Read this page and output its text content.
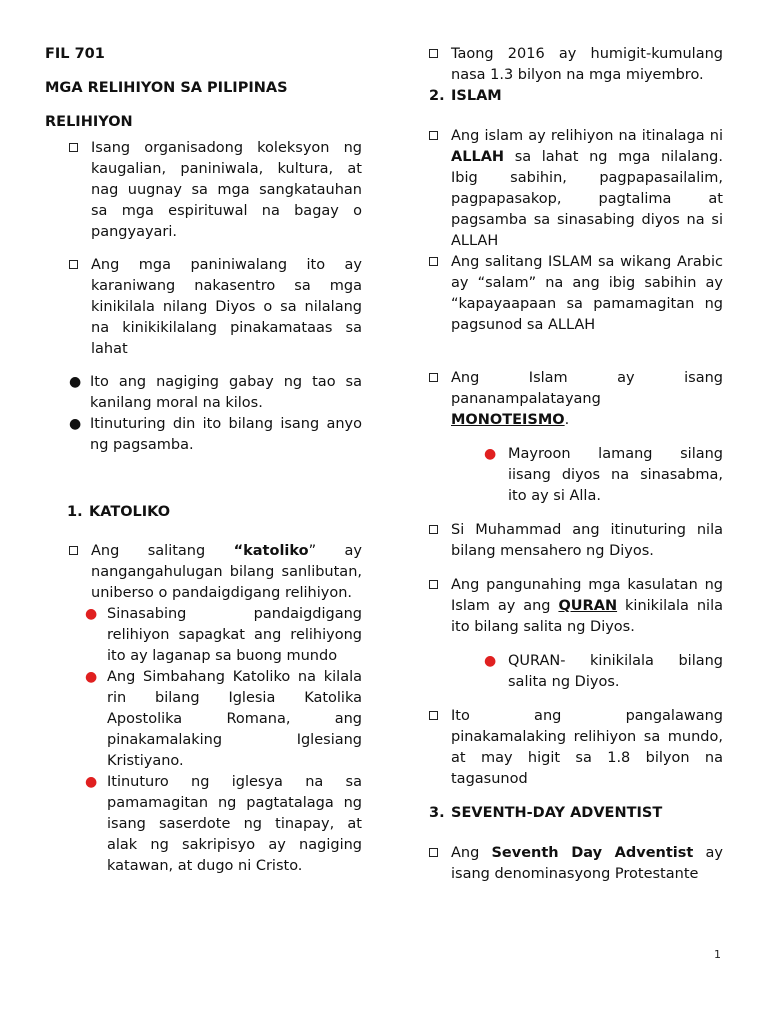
FIL 701
MGA RELIHIYON SA PILIPINAS
RELIHIYON
Isang organisadong koleksyon ng kaugalian, paniniwala, kultura, at nag uugnay sa mga sangkatauhan sa mga espirituwal na bagay o pangyayari.
Ang mga paniniwalang ito ay karaniwang nakasentro sa mga kinikilala nilang Diyos o sa nilalang na kinikikilalang pinakamataas sa lahat
● Ito ang nagiging gabay ng tao sa kanilang moral na kilos.
● Itinuturing din ito bilang isang anyo ng pagsamba.
1. KATOLIKO
Ang salitang “katoliko” ay nangangahulugan bilang sanlibutan, uniberso o pandaigdigang relihiyon.
● Sinasabing pandaigdigang relihiyon sapagkat ang relihiyong ito ay laganap sa buong mundo
● Ang Simbahang Katoliko na kilala rin bilang Iglesia Katolika Apostolika Romana, ang pinakamalaking Iglesiang Kristiyano.
● Itinuturo ng iglesya na sa pamamagitan ng pagtatalaga ng isang saserdote ng tinapay, at alak ng sakripisyo ay nagiging katawan, at dugo ni Cristo.
Taong 2016 ay humigit-kumulang nasa 1.3 bilyon na mga miyembro.
2. ISLAM
Ang islam ay relihiyon na itinalaga ni ALLAH sa lahat ng mga nilalang. Ibig sabihin, pagpapasailalim, pagpapasakop, pagtalima at pagsamba sa sinasabing diyos na si ALLAH
Ang salitang ISLAM sa wikang Arabic ay “salam” na ang ibig sabihin ay “kapayaapaan sa pamamagitan ng pagsunod sa ALLAH
Ang Islam ay isang pananampalatayang MONOTEISMO.
● Mayroon lamang silang iisang diyos na sinasabma, ito ay si Alla.
Si Muhammad ang itinuturing nila bilang mensahero ng Diyos.
Ang pangunahing mga kasulatan ng Islam ay ang QURAN kinikilala nila ito bilang salita ng Diyos.
● QURAN- kinikilala bilang salita ng Diyos.
Ito ang pangalawang pinakamalaking relihiyon sa mundo, at may higit sa 1.8 bilyon na tagasunod
3. SEVENTH-DAY ADVENTIST
Ang Seventh Day Adventist ay isang denominasyong Protestante
1
